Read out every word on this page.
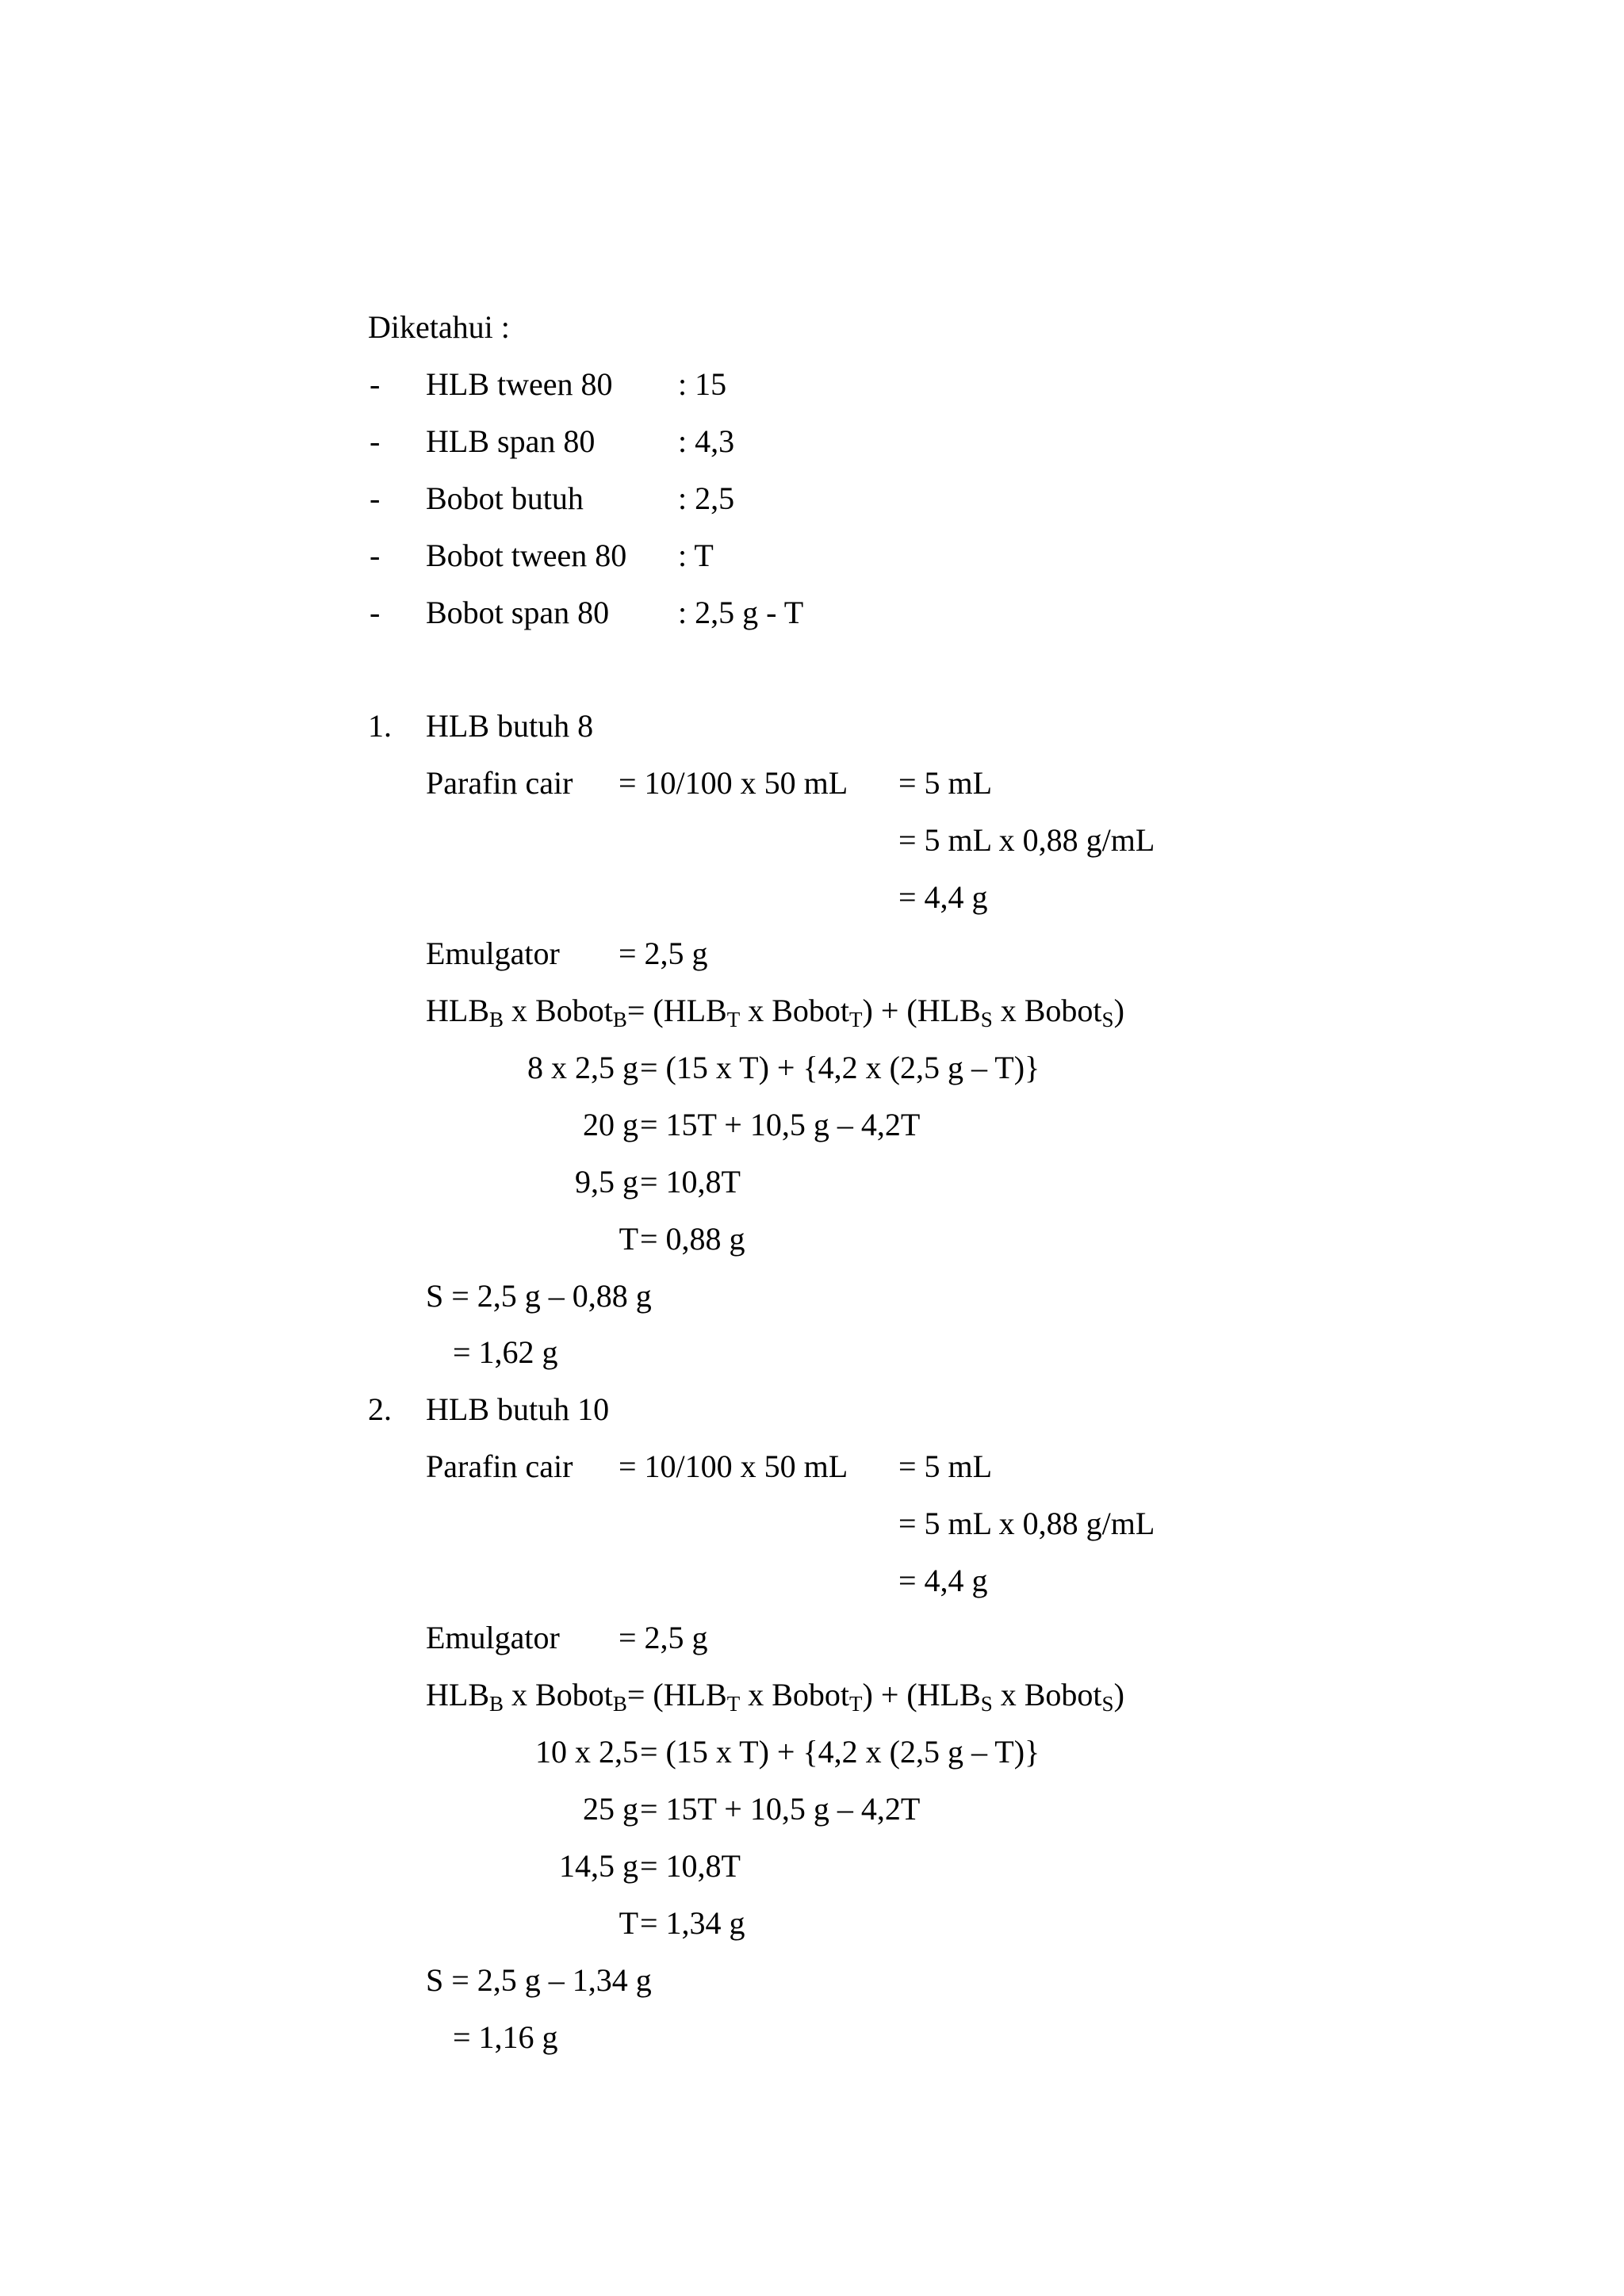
Diketahui :
- HLB tween 80 : 15
- HLB span 80	: 4,3
- Bobot butuh	: 2,5
- Bobot tween 80 : T
- Bobot span 80 : 2,5 g - T
1. HLB butuh 8
Parafin cair = 10/100 x 50 mL = 5 mL
= 5 mL x 0,88 g/mL
= 4,4 g
Emulgator = 2,5 g
$HLB_B$ x Bobot$_B$= ($HLB_T$ x Bobot$_T$) + ($HLB_S$ x Bobot$_S$)
8 x 2,5 g = (15 x T) + {4,2 x (2,5 g – T)}
20 g = 15T + 10,5 g – 4,2T
9,5 g = 10,8T
T = 0,88 g
S = 2,5 g – 0,88 g
= 1,62 g
2. HLB butuh 10
Parafin cair = 10/100 x 50 mL = 5 mL
= 5 mL x 0,88 g/mL
= 4,4 g
Emulgator = 2,5 g
$HLB_B$ x Bobot$_B$= ($HLB_T$ x Bobot$_T$) + ($HLB_S$ x Bobot$_S$)
10 x 2,5 = (15 x T) + {4,2 x (2,5 g – T)}
25 g = 15T + 10,5 g – 4,2T
14,5 g = 10,8T
T = 1,34 g
S = 2,5 g – 1,34 g
= 1,16 g
